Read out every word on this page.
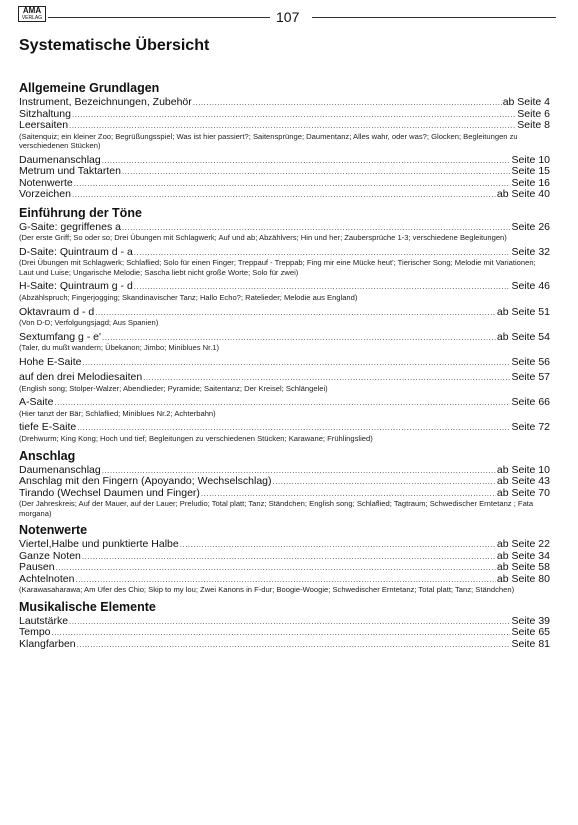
AMA
VERLAG	107
Systematische Übersicht
Allgemeine Grundlagen
Instrument, Bezeichnungen, Zubehör .....	ab Seite 4
Sitzhaltung .....	Seite 6
Leersaiten .....	Seite 8
(Saitenquiz; ein kleiner Zoo; Begrüßungsspiel; Was ist hier passiert?; Saitensprünge; Daumentanz; Alles wahr, oder was?; Glocken; Begleitungen zu verschiedenen Stücken)
Daumenanschlag .....	Seite 10
Metrum und Taktarten .....	Seite 15
Notenwerte .....	Seite 16
Vorzeichen .....	ab Seite 40
Einführung der Töne
G-Saite: gegriffenes a .....	Seite 26
(Der erste Griff; So oder so; Drei Übungen mit Schlagwerk; Auf und ab; Abzählvers; Hin und her; Zaubersprüche 1-3; verschiedene Begleitungen)
D-Saite: Quintraum d - a .....	Seite 32
(Drei Übungen mit Schlagwerk; Schlaflied; Solo für einen Finger; Treppauf - Treppab; Fing mir eine Mücke heut'; Tierischer Song; Melodie mit Variationen; Laut und Luise; Ungarische Melodie; Sascha liebt nicht große Worte; Solo für zwei)
H-Saite: Quintraum g - d .....	Seite 46
(Abzählspruch; Fingerjogging; Skandinavischer Tanz; Hallo Echo?; Ratelieder; Melodie aus England)
Oktavraum d - d .....	ab Seite 51
(Von D-D; Verfolgungsjagd; Aus Spanien)
Sextumfang g - e' .....	ab Seite 54
(Taler, du mußt wandern; Übekanon; Jimbo; Miniblues Nr.1)
Hohe E-Saite .....	Seite 56
auf den drei Melodiesaiten .....	Seite 57
(English song; Stolper-Walzer; Abendlieder; Pyramide; Saitentanz; Der Kreisel; Schlängelei)
A-Saite .....	Seite 66
(Hier tanzt der Bär; Schlaflied; Miniblues Nr.2; Achterbahn)
tiefe E-Saite .....	Seite 72
(Drehwurm; King Kong; Hoch und tief; Begleitungen zu verschiedenen Stücken; Karawane; Frühlingslied)
Anschlag
Daumenanschlag .....	ab Seite 10
Anschlag mit den Fingern (Apoyando; Wechselschlag) .....	ab Seite 43
Tirando (Wechsel Daumen und Finger) .....	ab Seite 70
(Der Jahreskreis; Auf der Mauer, auf der Lauer; Preludio; Total platt; Tanz; Ständchen; English song; Schlaflied; Tagtraum; Schwedischer Erntetanz ; Fata morgana)
Notenwerte
Viertel,Halbe und punktierte Halbe .....	ab Seite 22
Ganze Noten .....	ab Seite 34
Pausen .....	ab Seite 58
Achtelnoten .....	ab Seite 80
(Karawasaharawa; Am Ufer des Chio; Skip to my lou; Zwei Kanons in F-dur; Boogie-Woogie; Schwedischer Erntetanz; Total platt; Tanz; Ständchen)
Musikalische Elemente
Lautstärke .....	Seite 39
Tempo .....	Seite 65
Klangfarben .....	Seite 81
